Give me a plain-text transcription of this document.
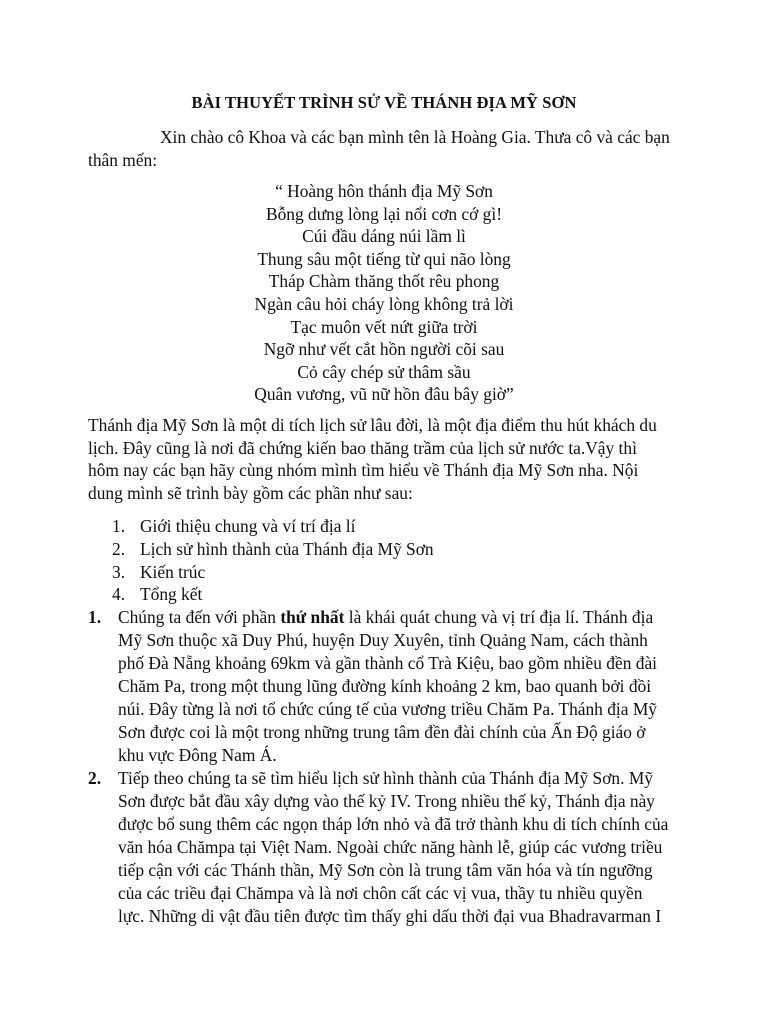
BÀI THUYẾT TRÌNH SỬ VỀ THÁNH ĐỊA MỸ SƠN
Xin chào cô Khoa và các bạn mình tên là Hoàng Gia. Thưa cô và các bạn
thân mến:
“ Hoàng hôn thánh địa Mỹ Sơn
Bỗng dưng lòng lại nổi cơn cớ gì!
Cúi đầu dáng núi lầm lì
Thung sâu một tiếng từ qui não lòng
Tháp Chàm thăng thốt rêu phong
Ngàn câu hỏi cháy lòng không trả lời
Tạc muôn vết nứt giữa trời
Ngỡ như vết cắt hồn người cõi sau
Cỏ cây chép sử thâm sầu
Quân vương, vũ nữ hồn đâu bây giờ”
Thánh địa Mỹ Sơn là một di tích lịch sử lâu đời, là một địa điểm thu hút khách du
lịch. Đây cũng là nơi đã chứng kiến bao thăng trầm của lịch sử nước ta.Vậy thì
hôm nay các bạn hãy cùng nhóm mình tìm hiểu về Thánh địa Mỹ Sơn nha. Nội
dung mình sẽ trình bày gồm các phần như sau:
1. Giới thiệu chung và ví trí địa lí
2. Lịch sử hình thành của Thánh địa Mỹ Sơn
3. Kiến trúc
4. Tổng kết
1. Chúng ta đến với phần thứ nhất là khái quát chung và vị trí địa lí. Thánh địa
Mỹ Sơn thuộc xã Duy Phú, huyện Duy Xuyên, tỉnh Quảng Nam, cách thành
phố Đà Nẵng khoảng 69km và gần thành cổ Trà Kiệu, bao gồm nhiều đền đài
Chăm Pa, trong một thung lũng đường kính khoảng 2 km, bao quanh bởi đồi
núi. Đây từng là nơi tổ chức cúng tế của vương triều Chăm Pa. Thánh địa Mỹ
Sơn được coi là một trong những trung tâm đền đài chính của Ấn Độ giáo ở
khu vực Đông Nam Á.
2. Tiếp theo chúng ta sẽ tìm hiểu lịch sử hình thành của Thánh địa Mỹ Sơn. Mỹ
Sơn được bắt đầu xây dựng vào thế kỷ IV. Trong nhiều thế kỷ, Thánh địa này
được bổ sung thêm các ngọn tháp lớn nhỏ và đã trở thành khu di tích chính của
văn hóa Chămpa tại Việt Nam. Ngoài chức năng hành lễ, giúp các vương triều
tiếp cận với các Thánh thần, Mỹ Sơn còn là trung tâm văn hóa và tín ngưỡng
của các triều đại Chămpa và là nơi chôn cất các vị vua, thầy tu nhiều quyền
lực. Những di vật đầu tiên được tìm thấy ghi dấu thời đại vua Bhadravarman I
